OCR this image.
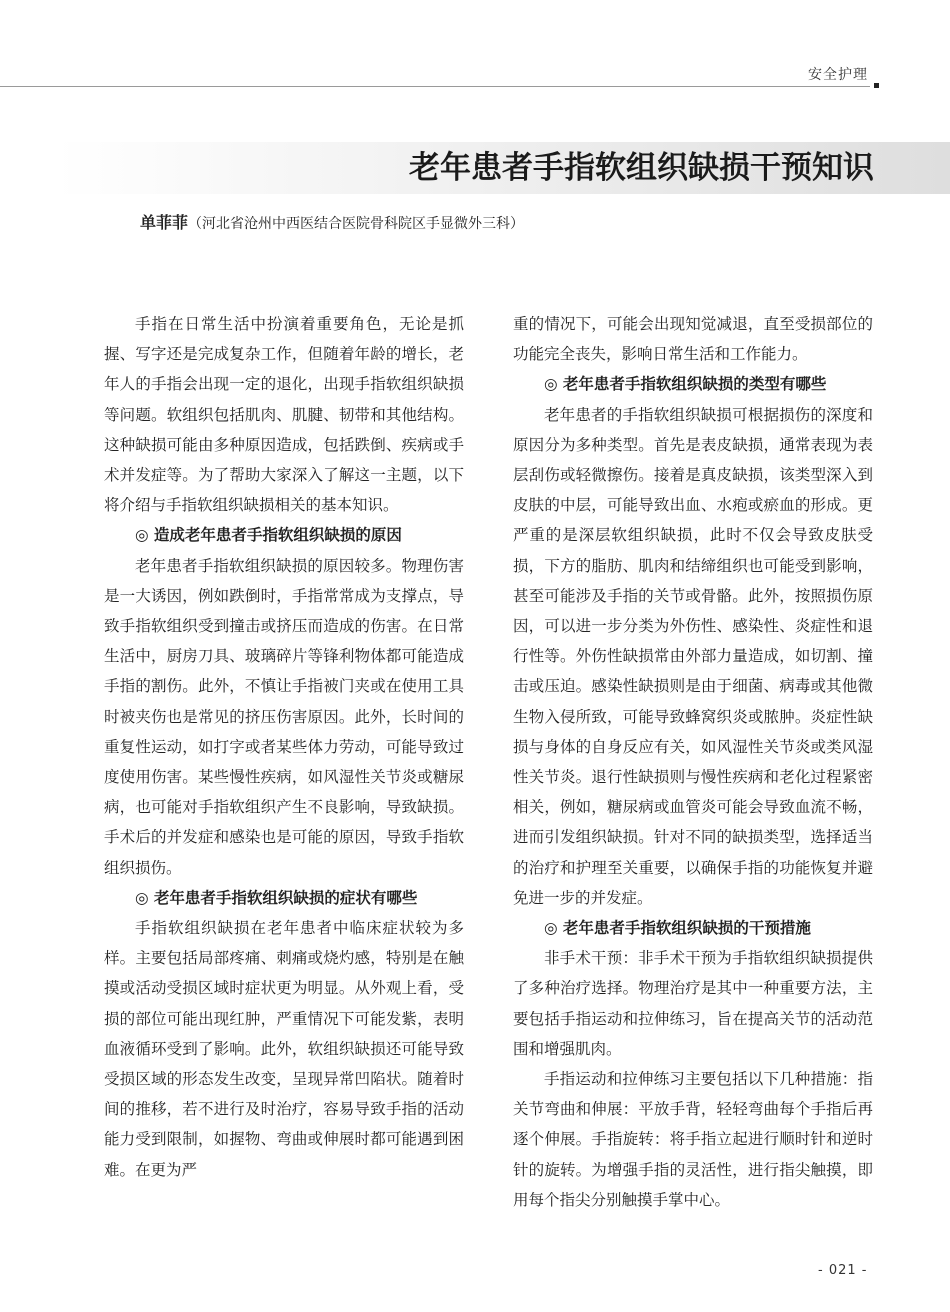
安全护理
老年患者手指软组织缺损干预知识
单菲菲（河北省沧州中西医结合医院骨科院区手显微外三科）

手指在日常生活中扮演着重要角色，无论是抓握、写字还是完成复杂工作，但随着年龄的增长，老年人的手指会出现一定的退化，出现手指软组织缺损等问题。软组织包括肌肉、肌腱、韧带和其他结构。这种缺损可能由多种原因造成，包括跌倒、疾病或手术并发症等。为了帮助大家深入了解这一主题，以下将介绍与手指软组织缺损相关的基本知识。

◎ 造成老年患者手指软组织缺损的原因

老年患者手指软组织缺损的原因较多。物理伤害是一大诱因，例如跌倒时，手指常常成为支撑点，导致手指软组织受到撞击或挤压而造成的伤害。在日常生活中，厨房刀具、玻璃碎片等锋利物体都可能造成手指的割伤。此外，不慎让手指被门夹或在使用工具时被夹伤也是常见的挤压伤害原因。此外，长时间的重复性运动，如打字或者某些体力劳动，可能导致过度使用伤害。某些慢性疾病，如风湿性关节炎或糖尿病，也可能对手指软组织产生不良影响，导致缺损。手术后的并发症和感染也是可能的原因，导致手指软组织损伤。

◎ 老年患者手指软组织缺损的症状有哪些

手指软组织缺损在老年患者中临床症状较为多样。主要包括局部疼痛、刺痛或烧灼感，特别是在触摸或活动受损区域时症状更为明显。从外观上看，受损的部位可能出现红肿，严重情况下可能发紫，表明血液循环受到了影响。此外，软组织缺损还可能导致受损区域的形态发生改变，呈现异常凹陷状。随着时间的推移，若不进行及时治疗，容易导致手指的活动能力受到限制，如握物、弯曲或伸展时都可能遇到困难。在更为严

重的情况下，可能会出现知觉减退，直至受损部位的功能完全丧失，影响日常生活和工作能力。

◎ 老年患者手指软组织缺损的类型有哪些

老年患者的手指软组织缺损可根据损伤的深度和原因分为多种类型。首先是表皮缺损，通常表现为表层刮伤或轻微擦伤。接着是真皮缺损，该类型深入到皮肤的中层，可能导致出血、水疱或瘀血的形成。更严重的是深层软组织缺损，此时不仅会导致皮肤受损，下方的脂肪、肌肉和结缔组织也可能受到影响，甚至可能涉及手指的关节或骨骼。此外，按照损伤原因，可以进一步分类为外伤性、感染性、炎症性和退行性等。外伤性缺损常由外部力量造成，如切割、撞击或压迫。感染性缺损则是由于细菌、病毒或其他微生物入侵所致，可能导致蜂窝织炎或脓肿。炎症性缺损与身体的自身反应有关，如风湿性关节炎或类风湿性关节炎。退行性缺损则与慢性疾病和老化过程紧密相关，例如，糖尿病或血管炎可能会导致血流不畅，进而引发组织缺损。针对不同的缺损类型，选择适当的治疗和护理至关重要，以确保手指的功能恢复并避免进一步的并发症。

◎ 老年患者手指软组织缺损的干预措施

非手术干预：非手术干预为手指软组织缺损提供了多种治疗选择。物理治疗是其中一种重要方法，主要包括手指运动和拉伸练习，旨在提高关节的活动范围和增强肌肉。

手指运动和拉伸练习主要包括以下几种措施：指关节弯曲和伸展：平放手背，轻轻弯曲每个手指后再逐个伸展。手指旋转：将手指立起进行顺时针和逆时针的旋转。为增强手指的灵活性，进行指尖触摸，即用每个指尖分别触摸手掌中心。

- 021 -
